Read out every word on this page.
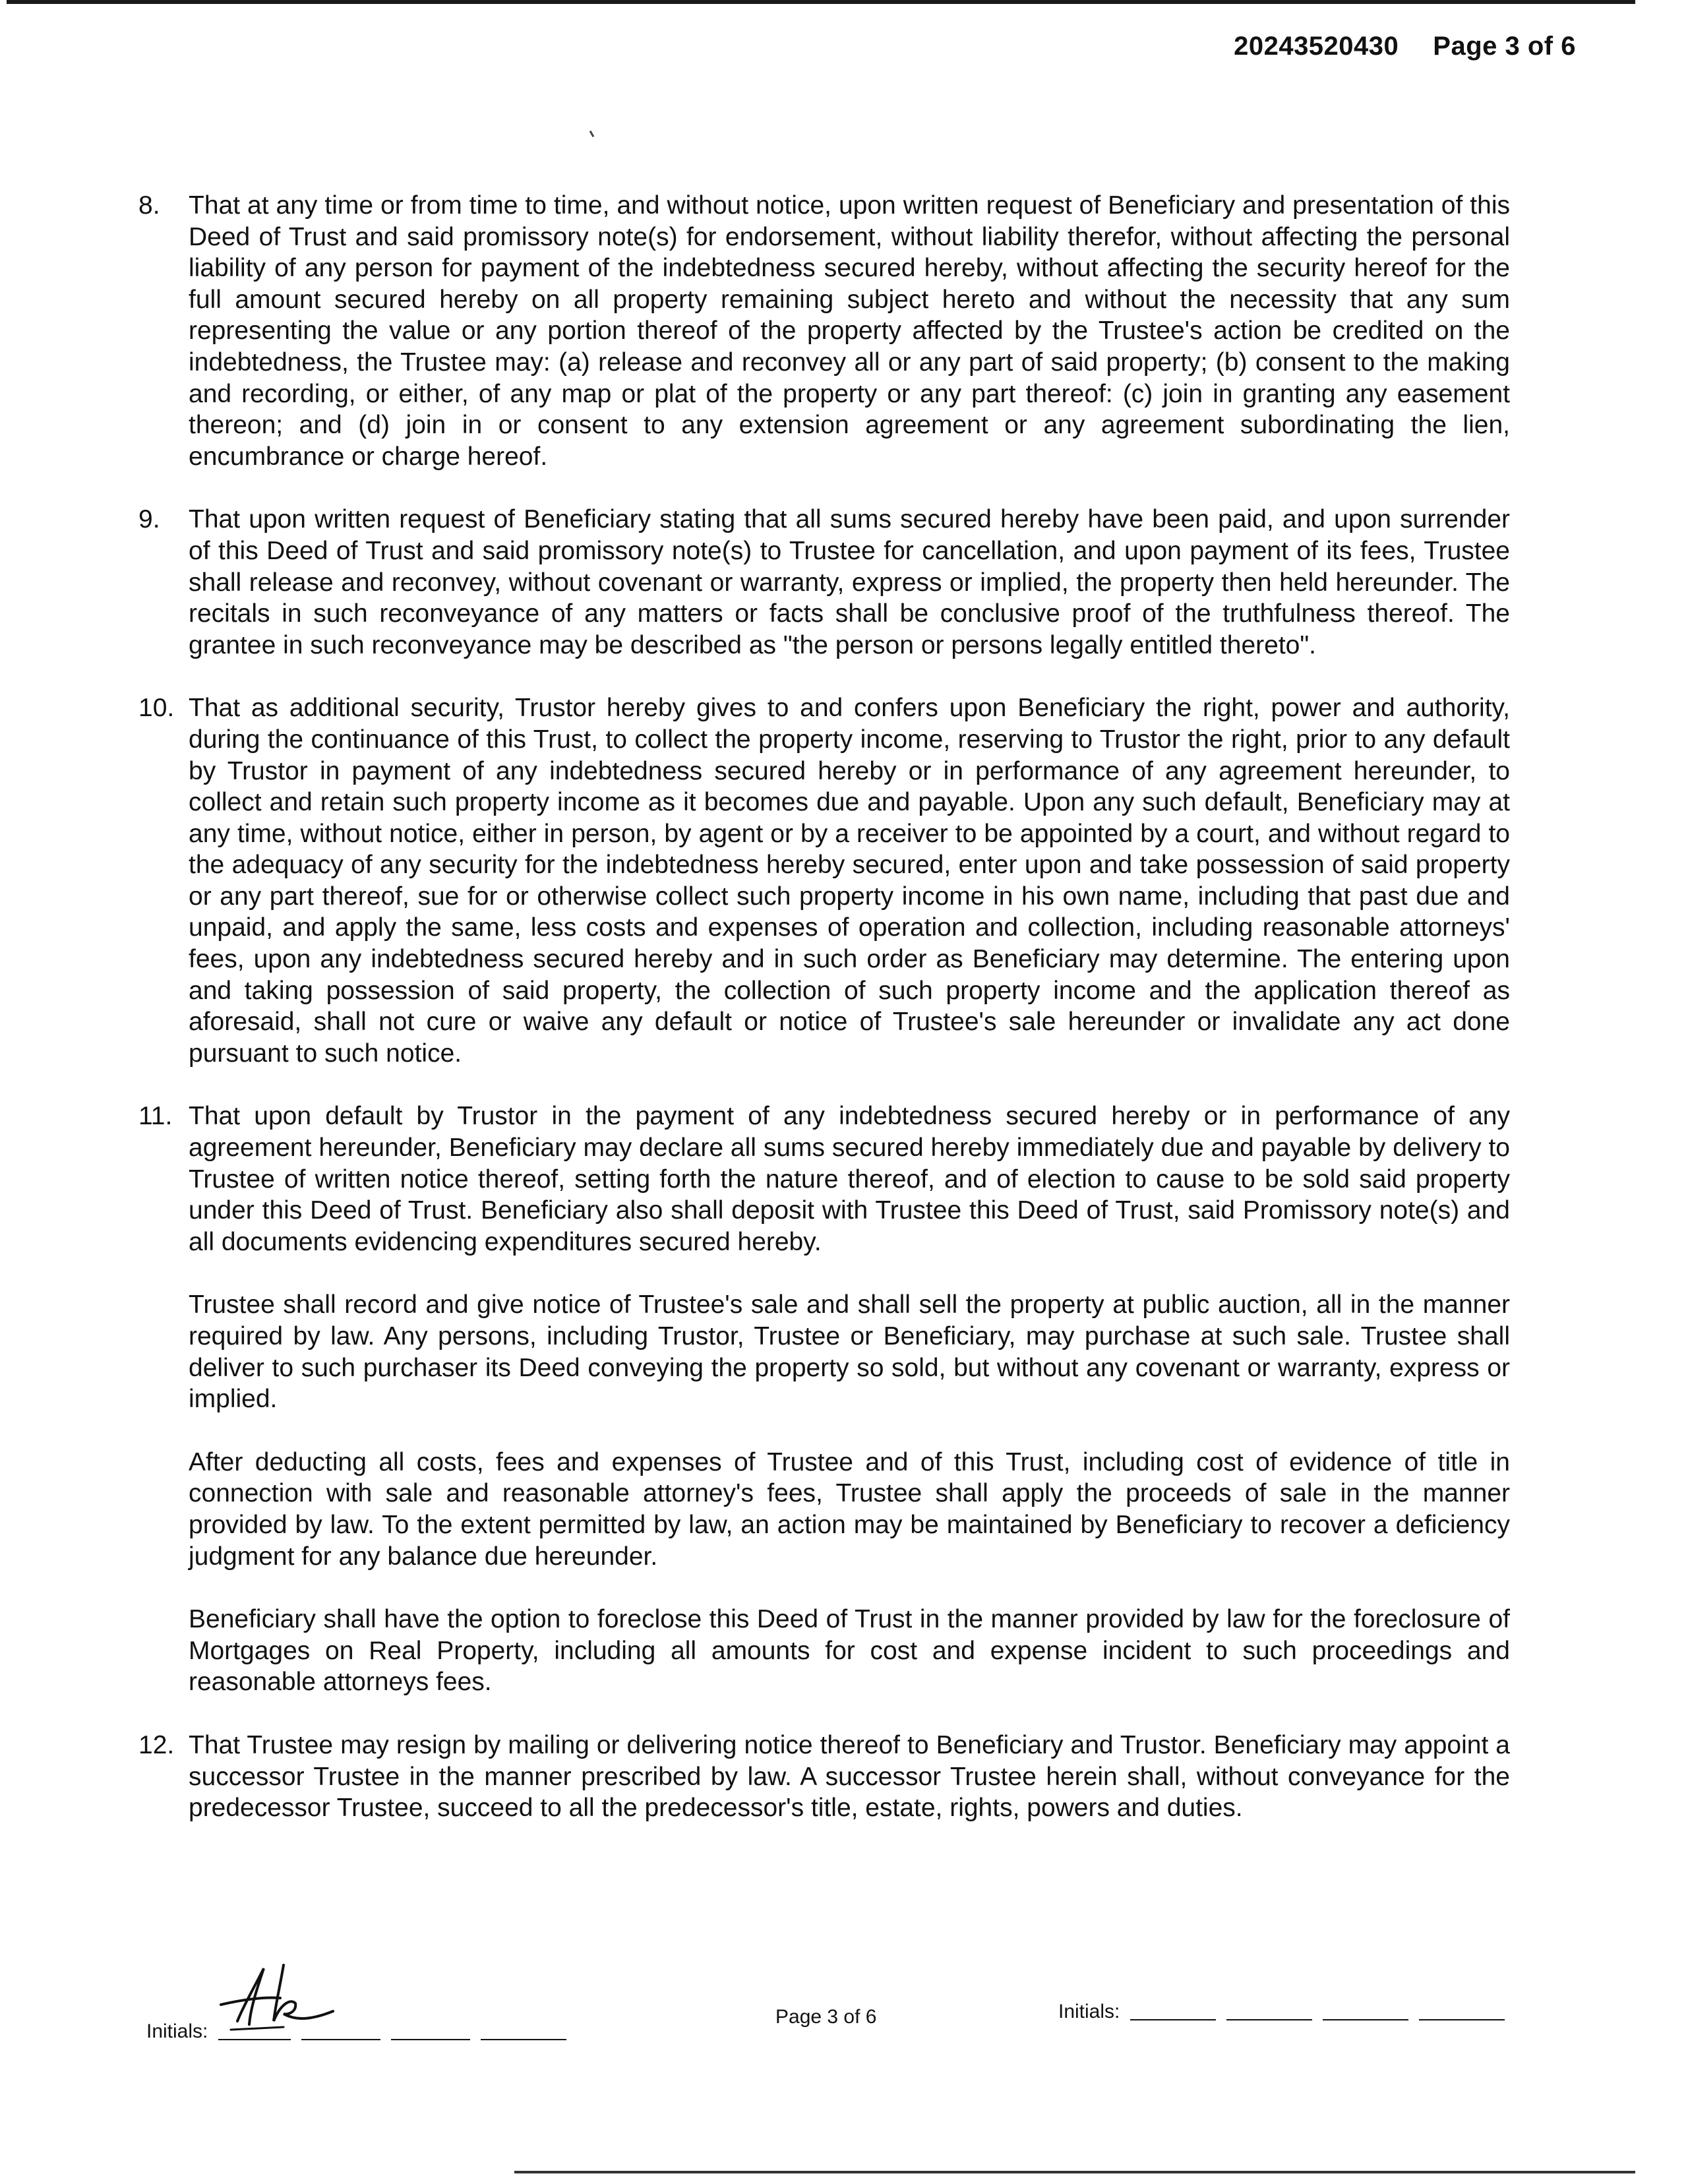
20243520430 Page 3 of 6
8.	That at any time or from time to time, and without notice, upon written request of Beneficiary and presentation of this Deed of Trust and said promissory note(s) for endorsement, without liability therefor, without affecting the personal liability of any person for payment of the indebtedness secured hereby, without affecting the security hereof for the full amount secured hereby on all property remaining subject hereto and without the necessity that any sum representing the value or any portion thereof of the property affected by the Trustee's action be credited on the indebtedness, the Trustee may: (a) release and reconvey all or any part of said property; (b) consent to the making and recording, or either, of any map or plat of the property or any part thereof: (c) join in granting any easement thereon; and (d) join in or consent to any extension agreement or any agreement subordinating the lien, encumbrance or charge hereof.

9.	That upon written request of Beneficiary stating that all sums secured hereby have been paid, and upon surrender of this Deed of Trust and said promissory note(s) to Trustee for cancellation, and upon payment of its fees, Trustee shall release and reconvey, without covenant or warranty, express or implied, the property then held hereunder. The recitals in such reconveyance of any matters or facts shall be conclusive proof of the truthfulness thereof. The grantee in such reconveyance may be described as "the person or persons legally entitled thereto".

10. That as additional security, Trustor hereby gives to and confers upon Beneficiary the right, power and authority, during the continuance of this Trust, to collect the property income, reserving to Trustor the right, prior to any default by Trustor in payment of any indebtedness secured hereby or in performance of any agreement hereunder, to collect and retain such property income as it becomes due and payable. Upon any such default, Beneficiary may at any time, without notice, either in person, by agent or by a receiver to be appointed by a court, and without regard to the adequacy of any security for the indebtedness hereby secured, enter upon and take possession of said property or any part thereof, sue for or otherwise collect such property income in his own name, including that past due and unpaid, and apply the same, less costs and expenses of operation and collection, including reasonable attorneys' fees, upon any indebtedness secured hereby and in such order as Beneficiary may determine. The entering upon and taking possession of said property, the collection of such property income and the application thereof as aforesaid, shall not cure or waive any default or notice of Trustee's sale hereunder or invalidate any act done pursuant to such notice.

11. That upon default by Trustor in the payment of any indebtedness secured hereby or in performance of any agreement hereunder, Beneficiary may declare all sums secured hereby immediately due and payable by delivery to Trustee of written notice thereof, setting forth the nature thereof, and of election to cause to be sold said property under this Deed of Trust. Beneficiary also shall deposit with Trustee this Deed of Trust, said Promissory note(s) and all documents evidencing expenditures secured hereby.

Trustee shall record and give notice of Trustee's sale and shall sell the property at public auction, all in the manner required by law. Any persons, including Trustor, Trustee or Beneficiary, may purchase at such sale. Trustee shall deliver to such purchaser its Deed conveying the property so sold, but without any covenant or warranty, express or implied.

After deducting all costs, fees and expenses of Trustee and of this Trust, including cost of evidence of title in connection with sale and reasonable attorney's fees, Trustee shall apply the proceeds of sale in the manner provided by law. To the extent permitted by law, an action may be maintained by Beneficiary to recover a deficiency judgment for any balance due hereunder.

Beneficiary shall have the option to foreclose this Deed of Trust in the manner provided by law for the foreclosure of Mortgages on Real Property, including all amounts for cost and expense incident to such proceedings and reasonable attorneys fees.

12. That Trustee may resign by mailing or delivering notice thereof to Beneficiary and Trustor. Beneficiary may appoint a successor Trustee in the manner prescribed by law. A successor Trustee herein shall, without conveyance for the predecessor Trustee, succeed to all the predecessor's title, estate, rights, powers and duties.

Initials:
Page 3 of 6	Initials:
